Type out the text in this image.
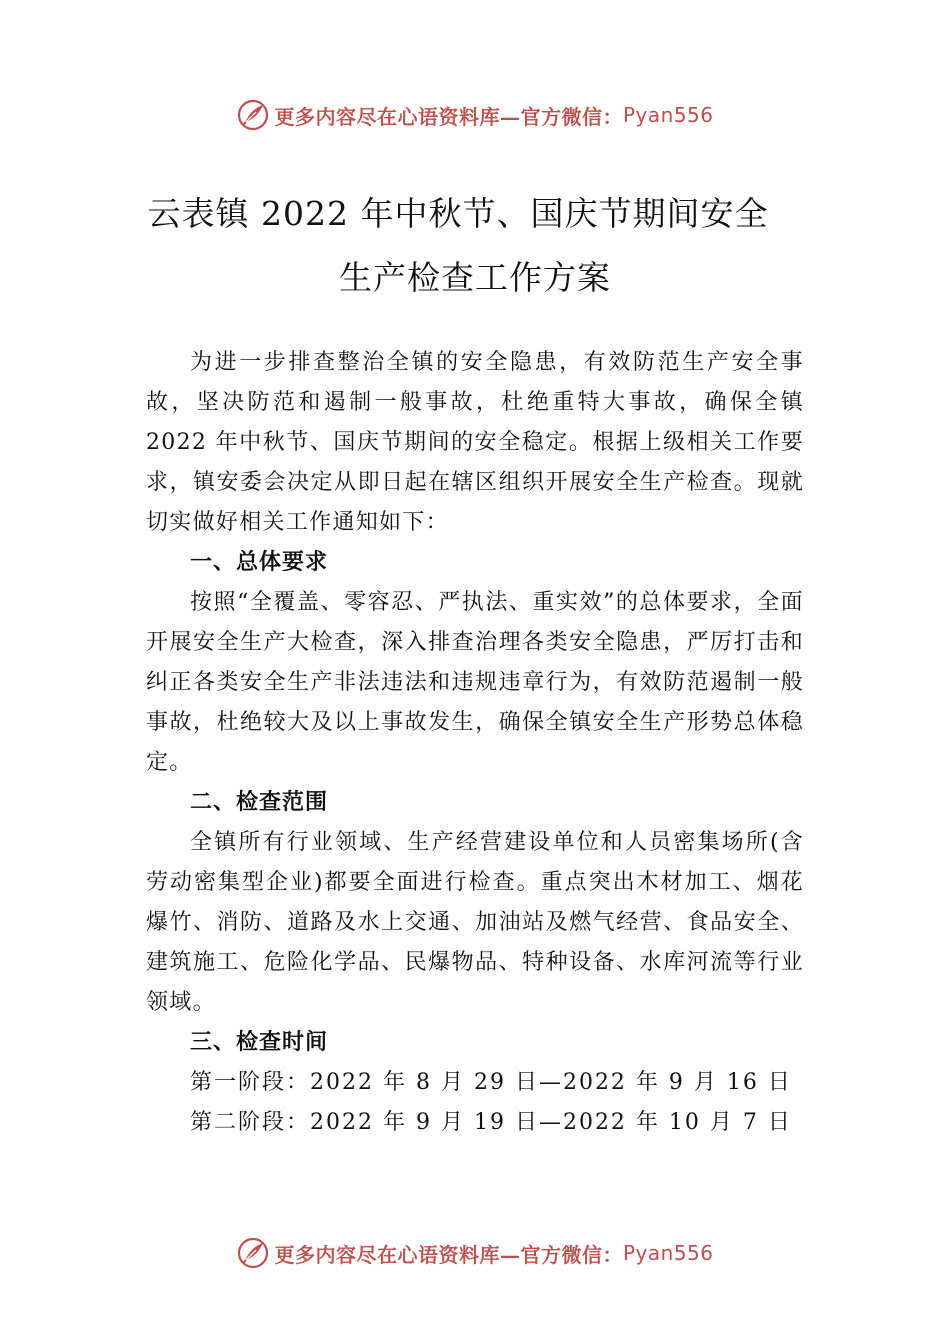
更多内容尽在心语资料库—官方微信： Pyan556
云表镇 2022 年中秋节、国庆节期间安全
生产检查工作方案

为进一步排查整治全镇的安全隐患，有效防范生产安全事故，坚决防范和遏制一般事故，杜绝重特大事故，确保全镇 2022 年中秋节、国庆节期间的安全稳定。根据上级相关工作要求，镇安委会决定从即日起在辖区组织开展安全生产检查。现就切实做好相关工作通知如下：

一、总体要求

按照“全覆盖、零容忍、严执法、重实效”的总体要求，全面开展安全生产大检查，深入排查治理各类安全隐患，严厉打击和纠正各类安全生产非法违法和违规违章行为，有效防范遏制一般事故，杜绝较大及以上事故发生，确保全镇安全生产形势总体稳定。

二、检查范围

全镇所有行业领域、生产经营建设单位和人员密集场所(含劳动密集型企业)都要全面进行检查。重点突出木材加工、烟花爆竹、消防、道路及水上交通、加油站及燃气经营、食品安全、建筑施工、危险化学品、民爆物品、特种设备、水库河流等行业领域。

三、检查时间

第一阶段：2022 年 8 月 29 日—2022 年 9 月 16 日

第二阶段：2022 年 9 月 19 日—2022 年 10 月 7 日

更多内容尽在心语资料库—官方微信： Pyan556
